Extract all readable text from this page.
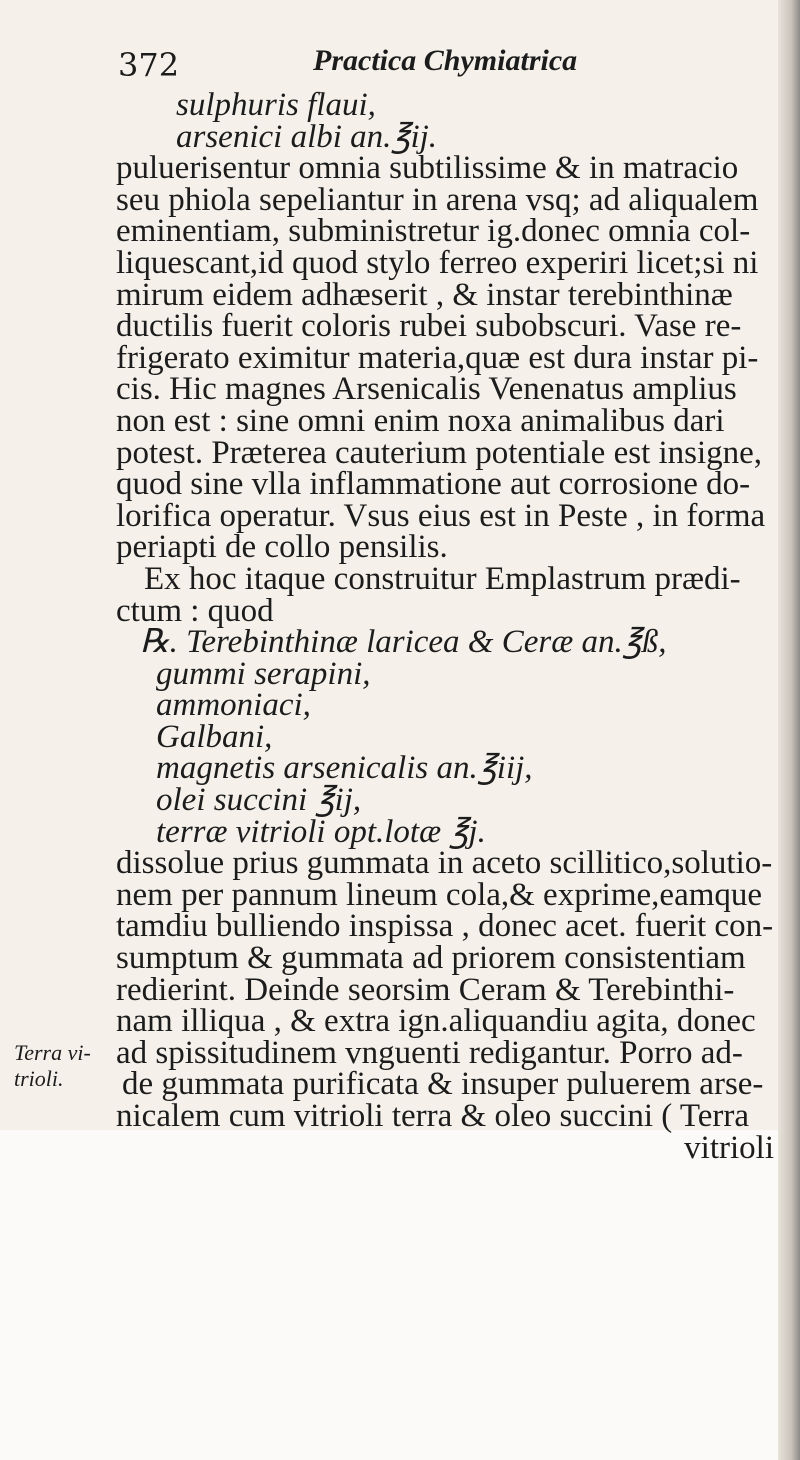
372	Practica Chymiatrica
sulphuris flaui,
arsenici albi an.℥ij.
puluerisentur omnia subtilissime & in matracio
seu phiola sepeliantur in arena vsq; ad aliqualem
eminentiam, subministretur ig.donec omnia col-
liquescant,id quod stylo ferreo experiri licet;si ni
mirum eidem adhæserit , & instar terebinthinæ
ductilis fuerit coloris rubei subobscuri. Vase re-
frigerato eximitur materia,quæ est dura instar pi-
cis. Hic magnes Arsenicalis Venenatus amplius
non est : sine omni enim noxa animalibus dari
potest. Præterea cauterium potentiale est insigne,
quod sine vlla inflammatione aut corrosione do-
lorifica operatur. Vsus eius est in Peste , in forma
periapti de collo pensilis.
Ex hoc itaque construitur Emplastrum prædi-
ctum : quod
℞. Terebinthinæ laricea & Ceræ an.℥ß,
gummi serapini,
ammoniaci,
Galbani,
magnetis arsenicalis an.℥iij,
olei succini ℥ij,
terræ vitrioli opt.lotæ ℥j.
dissolue prius gummata in aceto scillitico,solutio-
nem per pannum lineum cola,& exprime,eamque
tamdiu bulliendo inspissa , donec acet. fuerit con-
sumptum & gummata ad priorem consistentiam
redierint. Deinde seorsim Ceram & Terebinthi-
nam illiqua , & extra ign.aliquandiu agita, donec
ad spissitudinem vnguenti redigantur. Porro ad-
de gummata purificata & insuper puluerem arse-
nicalem cum vitrioli terra & oleo succini ( Terra
vitrioli
Terra vi-
trioli.
